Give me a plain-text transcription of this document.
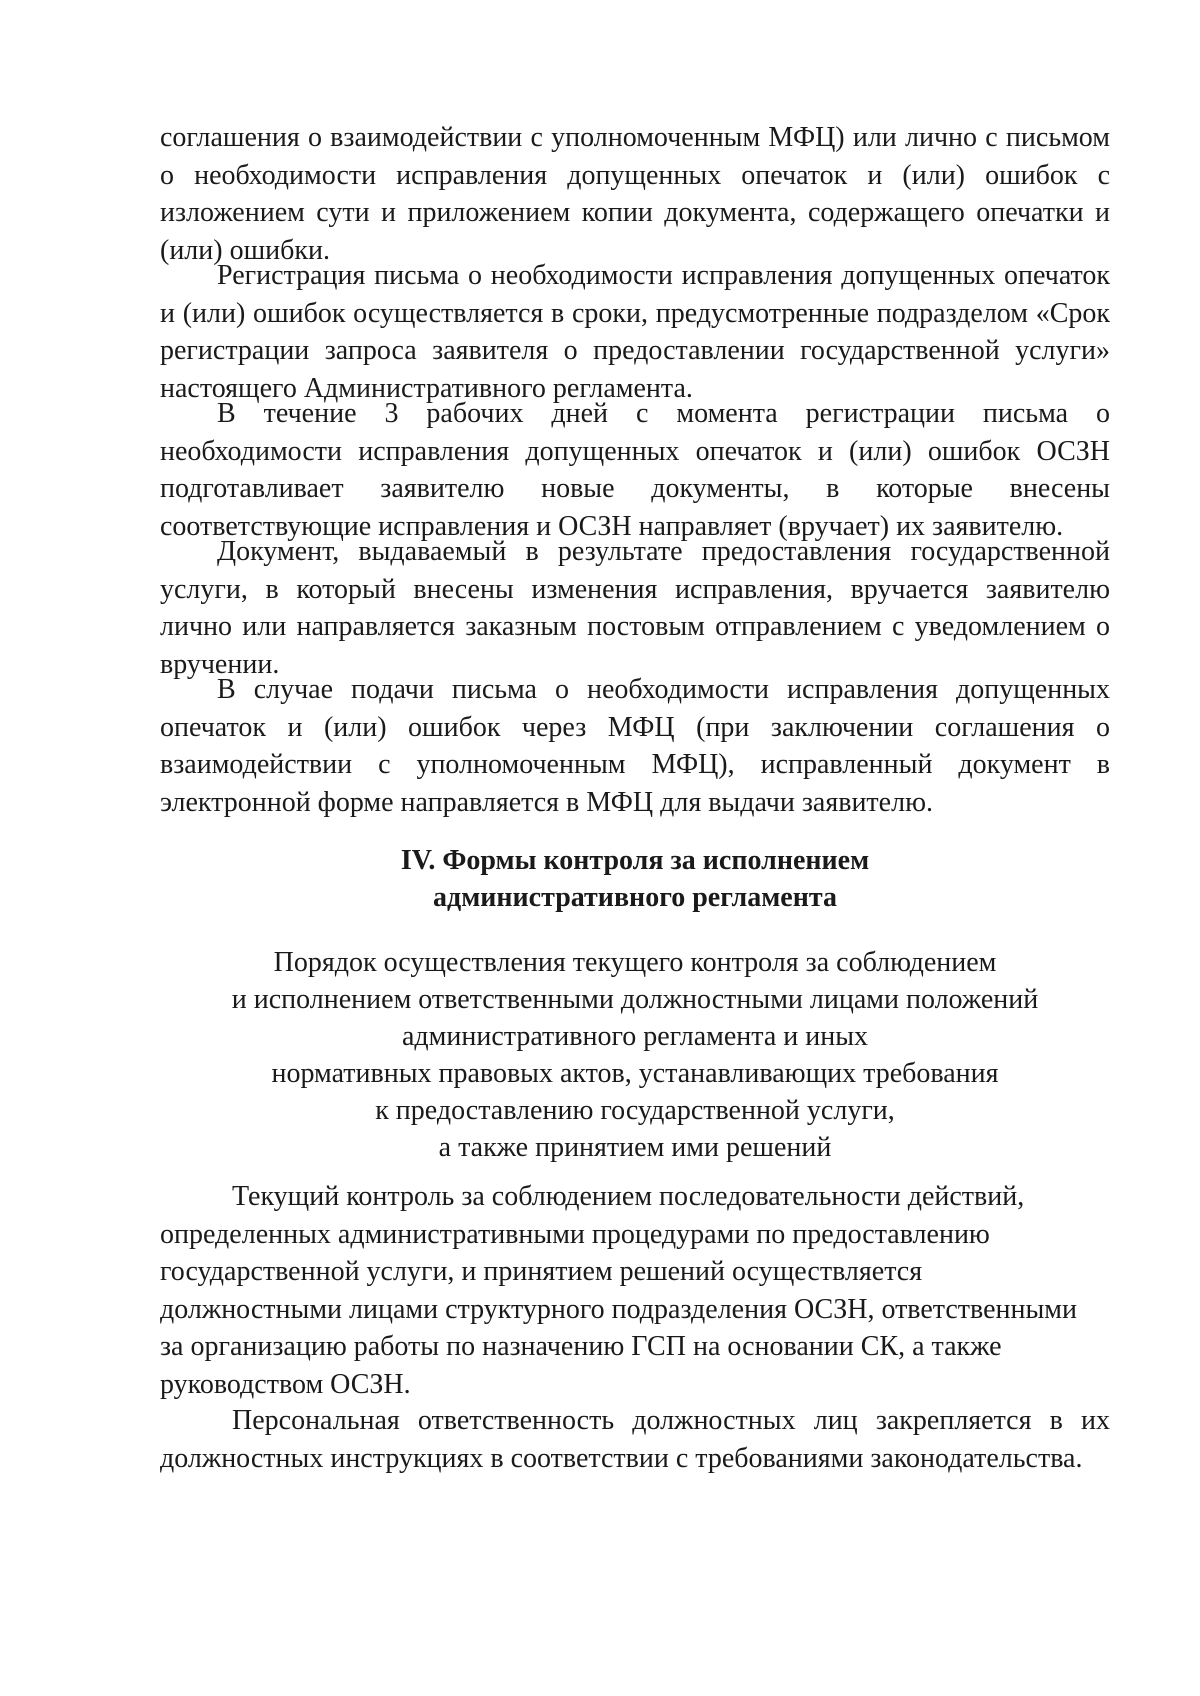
соглашения о взаимодействии с уполномоченным МФЦ) или лично с письмом о необходимости исправления допущенных опечаток и (или) ошибок с изложением сути и приложением копии документа, содержащего опечатки и (или) ошибки.

Регистрация письма о необходимости исправления допущенных опечаток и (или) ошибок осуществляется в сроки, предусмотренные подразделом «Срок регистрации запроса заявителя о предоставлении государственной услуги» настоящего Административного регламента.

В течение 3 рабочих дней с момента регистрации письма о необходимости исправления допущенных опечаток и (или) ошибок ОСЗН подготавливает заявителю новые документы, в которые внесены соответствующие исправления и ОСЗН направляет (вручает) их заявителю.

Документ, выдаваемый в результате предоставления государственной услуги, в который внесены изменения исправления, вручается заявителю лично или направляется заказным постовым отправлением с уведомлением о вручении.

В случае подачи письма о необходимости исправления допущенных опечаток и (или) ошибок через МФЦ (при заключении соглашения о взаимодействии с уполномоченным МФЦ), исправленный документ в электронной форме направляется в МФЦ для выдачи заявителю.

IV. Формы контроля за исполнением
административного регламента
Порядок осуществления текущего контроля за соблюдением
и исполнением ответственными должностными лицами положений
административного регламента и иных
нормативных правовых актов, устанавливающих требования
к предоставлению государственной услуги,
а также принятием ими решений
Текущий контроль за соблюдением последовательности действий,
определенных административными процедурами по предоставлению
государственной услуги, и принятием решений осуществляется
должностными лицами структурного подразделения ОСЗН, ответственными
за организацию работы по назначению ГСП на основании СК, а также
руководством ОСЗН.

Персональная ответственность должностных лиц закрепляется в их должностных инструкциях в соответствии с требованиями законодательства.
